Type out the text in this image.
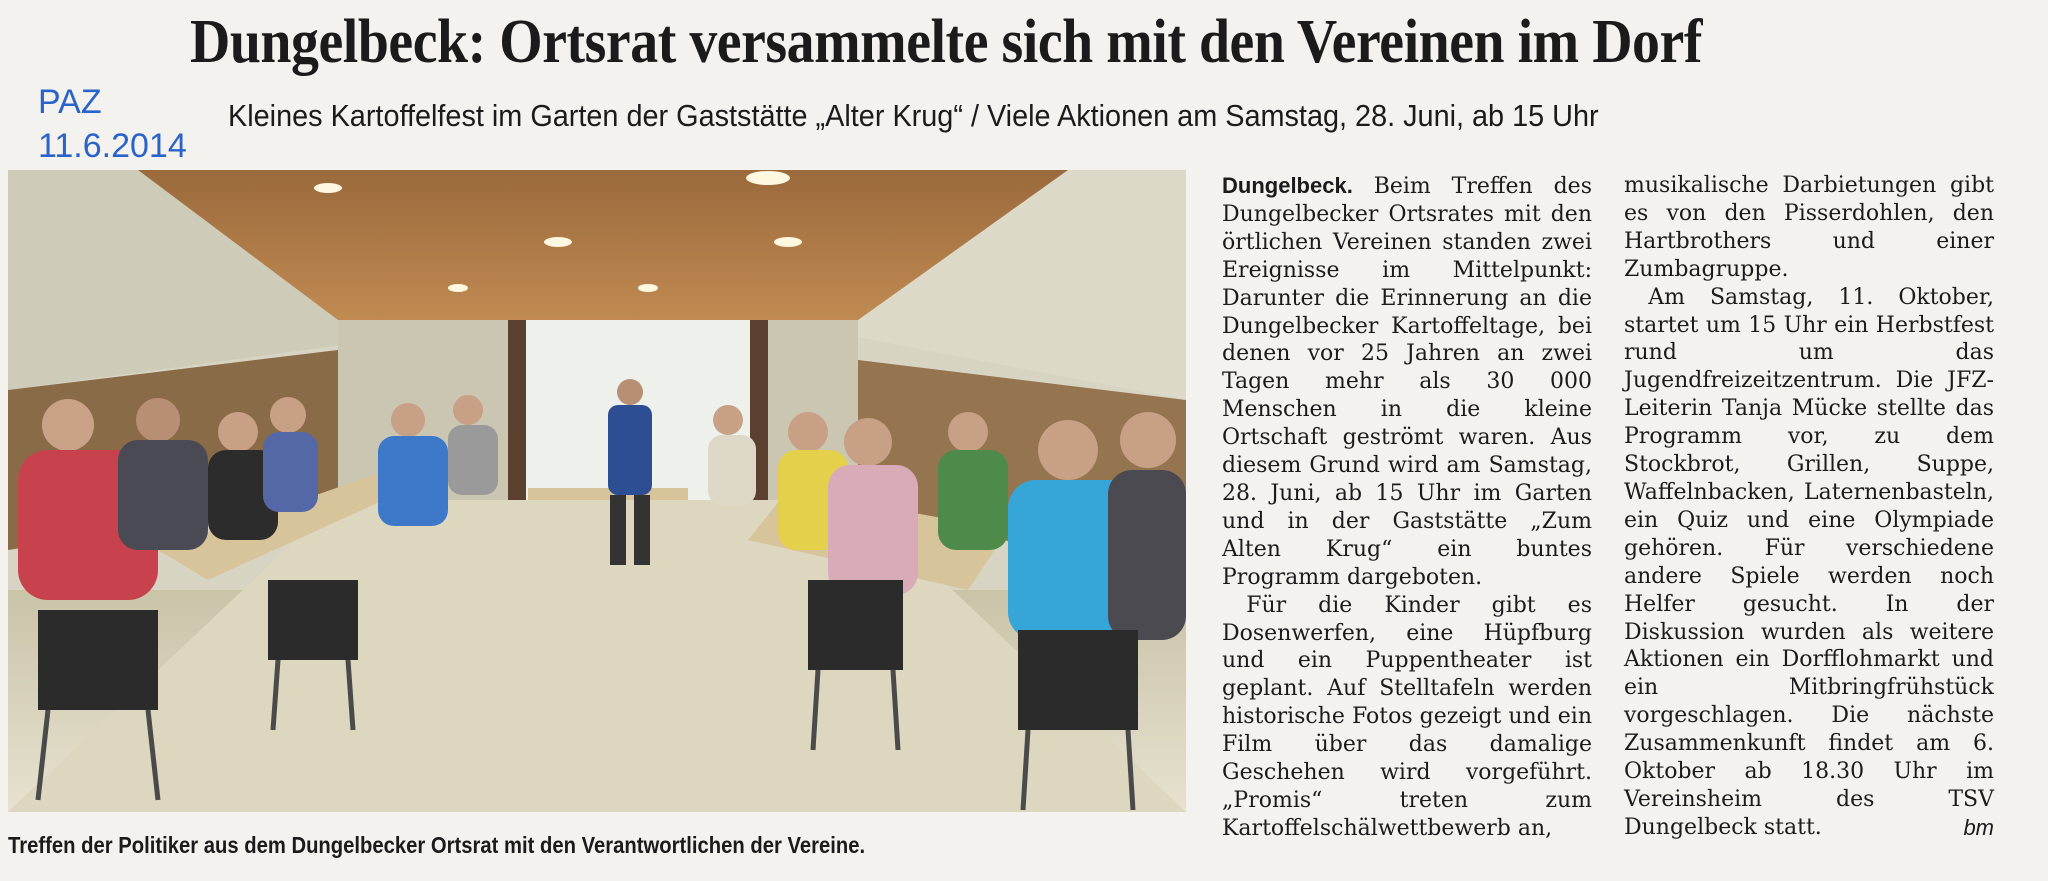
Dungelbeck: Ortsrat versammelte sich mit den Vereinen im Dorf
PAZ
11.6.2014
Kleines Kartoffelfest im Garten der Gaststätte „Alter Krug“ / Viele Aktionen am Samstag, 28. Juni, ab 15 Uhr
Treffen der Politiker aus dem Dungelbecker Ortsrat mit den Verantwortlichen der Vereine.

Dungelbeck. Beim Treffen des Dungelbecker Ortsrates mit den örtlichen Vereinen standen zwei Ereignisse im Mittelpunkt: Darunter die Erinnerung an die Dungelbecker Kartoffeltage, bei denen vor 25 Jahren an zwei Tagen mehr als 30 000 Menschen in die kleine Ortschaft geströmt waren. Aus diesem Grund wird am Samstag, 28. Juni, ab 15 Uhr im Garten und in der Gaststätte „Zum Alten Krug“ ein buntes Programm dargeboten.

Für die Kinder gibt es Dosenwerfen, eine Hüpfburg und ein Puppentheater ist geplant. Auf Stelltafeln werden historische Fotos gezeigt und ein Film über das damalige Geschehen wird vorgeführt. „Promis“ treten zum Kartoffelschälwettbewerb an,

musikalische Darbietungen gibt es von den Pisserdohlen, den Hartbrothers und einer Zumbagruppe.

Am Samstag, 11. Oktober, startet um 15 Uhr ein Herbstfest rund um das Jugendfreizeitzentrum. Die JFZ-Leiterin Tanja Mücke stellte das Programm vor, zu dem Stockbrot, Grillen, Suppe, Waffelnbacken, Laternenbasteln, ein Quiz und eine Olympiade gehören. Für verschiedene andere Spiele werden noch Helfer gesucht. In der Diskussion wurden als weitere Aktionen ein Dorfflohmarkt und ein Mitbringfrühstück vorgeschlagen. Die nächste Zusammenkunft findet am 6. Oktober ab 18.30 Uhr im Vereinsheim des TSV Dungelbeck statt.	bm
